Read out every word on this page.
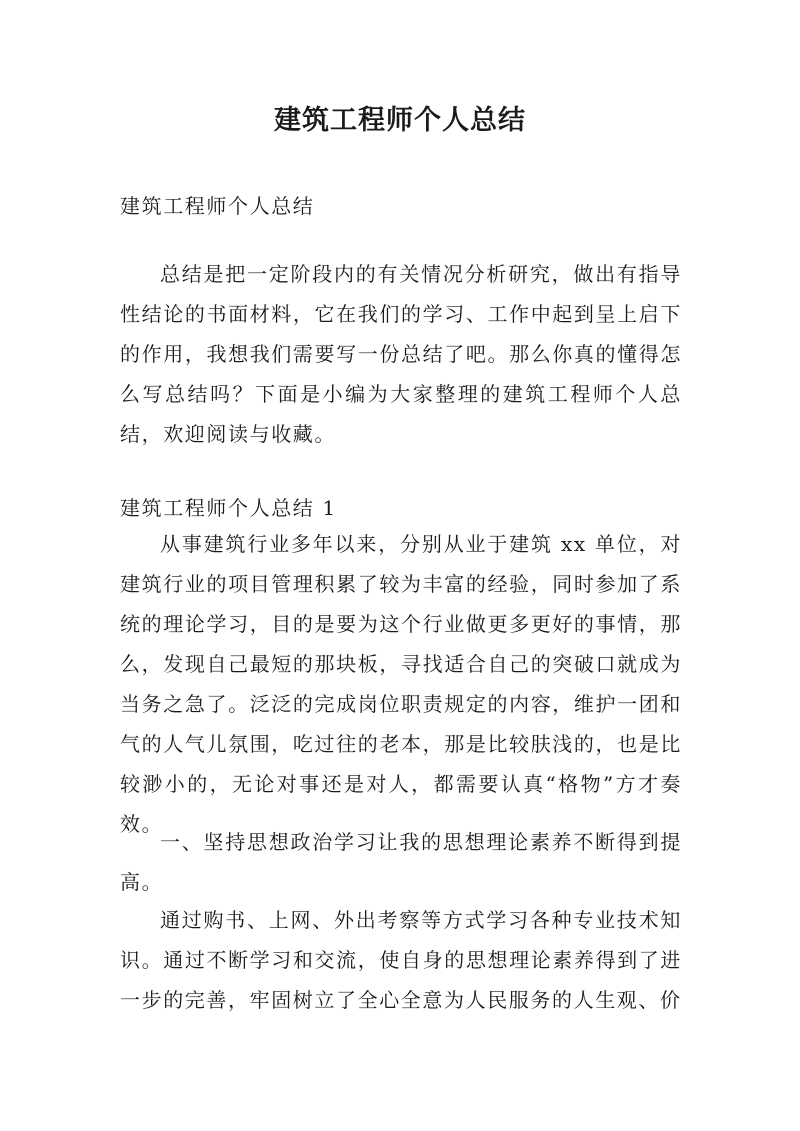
建筑工程师个人总结
建筑工程师个人总结
总结是把一定阶段内的有关情况分析研究，做出有指导性结论的书面材料，它在我们的学习、工作中起到呈上启下的作用，我想我们需要写一份总结了吧。那么你真的懂得怎么写总结吗？下面是小编为大家整理的建筑工程师个人总结，欢迎阅读与收藏。
建筑工程师个人总结 1
从事建筑行业多年以来，分别从业于建筑 xx 单位，对建筑行业的项目管理积累了较为丰富的经验，同时参加了系统的理论学习，目的是要为这个行业做更多更好的事情，那么，发现自己最短的那块板，寻找适合自己的突破口就成为当务之急了。泛泛的完成岗位职责规定的内容，维护一团和气的人气儿氛围，吃过往的老本，那是比较肤浅的，也是比较渺小的，无论对事还是对人，都需要认真“格物”方才奏效。
一、坚持思想政治学习让我的思想理论素养不断得到提高。
通过购书、上网、外出考察等方式学习各种专业技术知识。通过不断学习和交流，使自身的思想理论素养得到了进一步的完善，牢固树立了全心全意为人民服务的人生观、价
